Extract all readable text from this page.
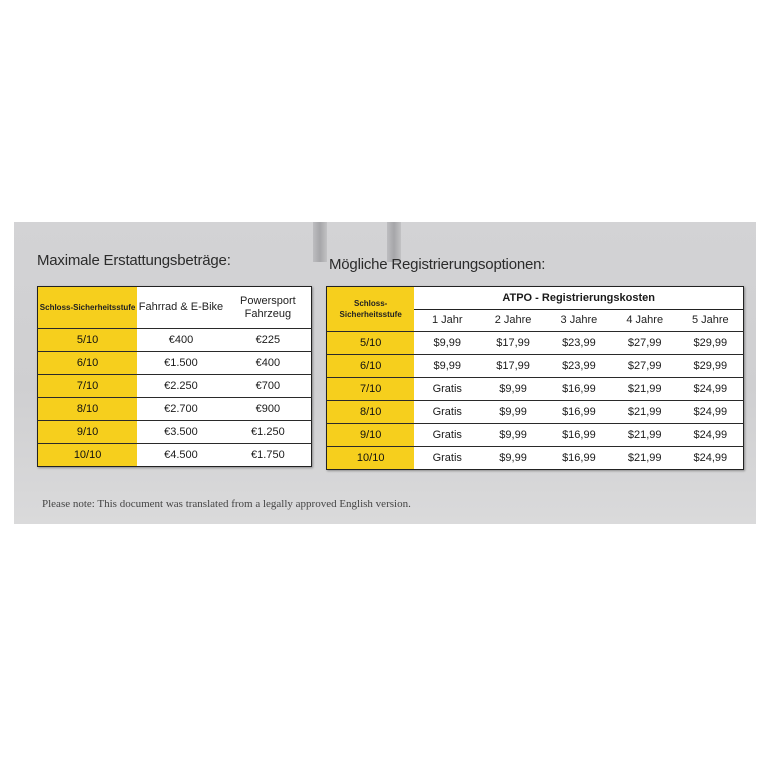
Maximale Erstattungsbeträge:	Mögliche Registrierungsoptionen:
Schloss-Sicherheitsstufe	Fahrrad & E-Bike	Powersport Fahrzeug
5/10	€400	€225
6/10	€1.500	€400
7/10	€2.250	€700
8/10	€2.700	€900
9/10	€3.500	€1.250
10/10	€4.500	€1.750
Schloss-Sicherheitsstufe	ATPO - Registrierungskosten				
	1 Jahr	2 Jahre	3 Jahre	4 Jahre	5 Jahre
5/10	$9,99	$17,99	$23,99	$27,99	$29,99
6/10	$9,99	$17,99	$23,99	$27,99	$29,99
7/10	Gratis	$9,99	$16,99	$21,99	$24,99
8/10	Gratis	$9,99	$16,99	$21,99	$24,99
9/10	Gratis	$9,99	$16,99	$21,99	$24,99
10/10	Gratis	$9,99	$16,99	$21,99	$24,99
Please note: This document was translated from a legally approved English version.
